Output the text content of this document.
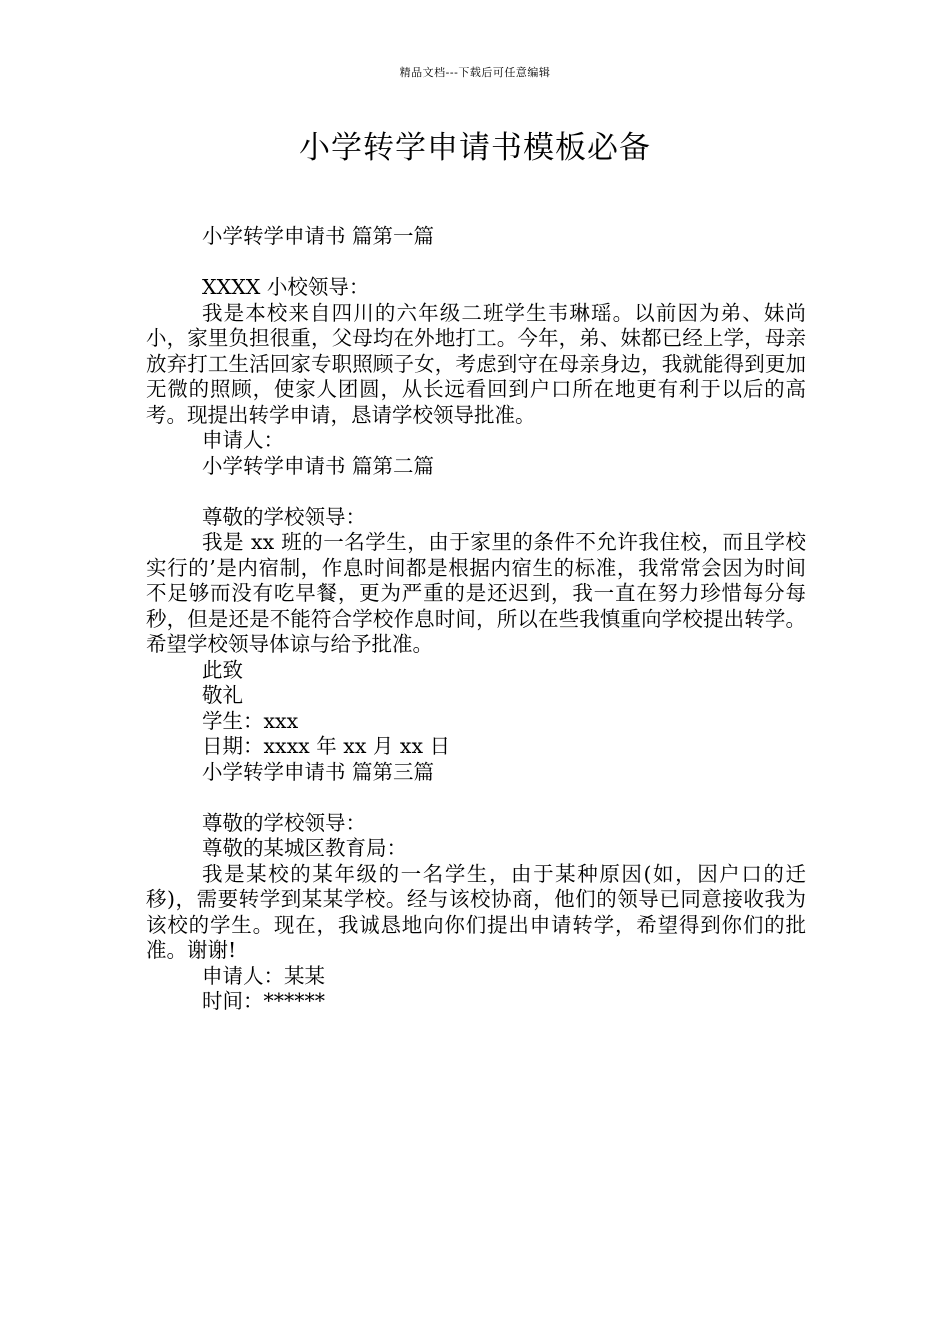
精品文档---下载后可任意编辑
小学转学申请书模板必备

小学转学申请书 篇第一篇

XXXX 小校领导：

我是本校来自四川的六年级二班学生韦琳瑶。以前因为弟、妹尚小，家里负担很重，父母均在外地打工。今年，弟、妹都已经上学，母亲放弃打工生活回家专职照顾子女，考虑到守在母亲身边，我就能得到更加无微的照顾，使家人团圆，从长远看回到户口所在地更有利于以后的高考。现提出转学申请，恳请学校领导批准。

申请人：

小学转学申请书 篇第二篇

尊敬的学校领导：

我是 xx 班的一名学生，由于家里的条件不允许我住校，而且学校实行的’是内宿制，作息时间都是根据内宿生的标准，我常常会因为时间不足够而没有吃早餐，更为严重的是还迟到，我一直在努力珍惜每分每秒，但是还是不能符合学校作息时间，所以在些我慎重向学校提出转学。希望学校领导体谅与给予批准。

此致

敬礼

学生：xxx

日期：xxxx 年 xx 月 xx 日

小学转学申请书 篇第三篇

尊敬的学校领导：

尊敬的某城区教育局：

我是某校的某年级的一名学生，由于某种原因(如，因户口的迁移)，需要转学到某某学校。经与该校协商，他们的领导已同意接收我为该校的学生。现在，我诚恳地向你们提出申请转学，希望得到你们的批准。谢谢!

申请人：某某

时间：******
